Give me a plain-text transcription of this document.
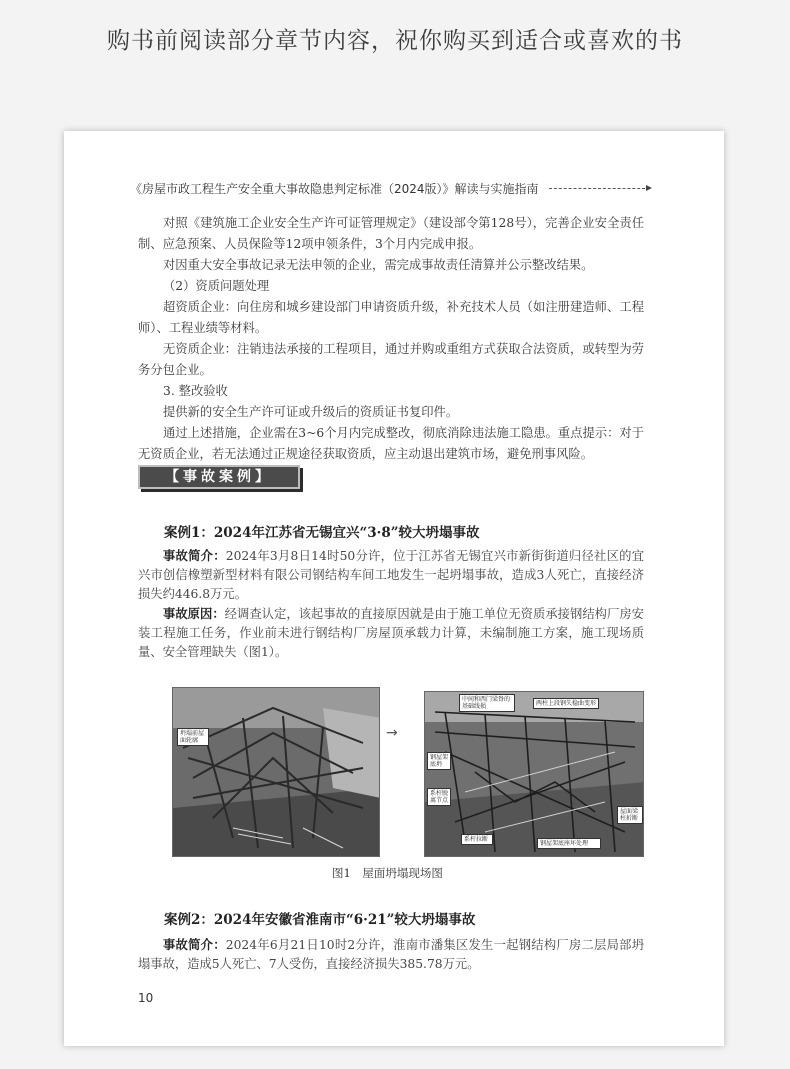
购书前阅读部分章节内容，祝你购买到适合或喜欢的书
《房屋市政工程生产安全重大事故隐患判定标准（2024版）》解读与实施指南

对照《建筑施工企业安全生产许可证管理规定》（建设部令第128号），完善企业安全责任制、应急预案、人员保险等12项申领条件，3个月内完成申报。

对因重大安全事故记录无法申领的企业，需完成事故责任清算并公示整改结果。

（2）资质问题处理

超资质企业：向住房和城乡建设部门申请资质升级，补充技术人员（如注册建造师、工程师）、工程业绩等材料。

无资质企业：注销违法承接的工程项目，通过并购或重组方式获取合法资质，或转型为劳务分包企业。

3. 整改验收

提供新的安全生产许可证或升级后的资质证书复印件。

通过上述措施，企业需在3~6个月内完成整改，彻底消除违法施工隐患。重点提示：对于无资质企业，若无法通过正规途径获取资质，应主动退出建筑市场，避免刑事风险。

【事故案例】
案例1：2024年江苏省无锡宜兴“3·8”较大坍塌事故

事故简介：2024年3月8日14时50分许，位于江苏省无锡宜兴市新街街道归径社区的宜兴市创信橡塑新型材料有限公司钢结构车间工地发生一起坍塌事故，造成3人死亡，直接经济损失约446.8万元。

事故原因：经调查认定，该起事故的直接原因就是由于施工单位无资质承接钢结构厂房安装工程施工任务，作业前未进行钢结构厂房屋顶承载力计算，未编制施工方案，施工现场质量、安全管理缺失（图1）。

坍塌前屋面轮廓	→
中间和西门梁脊的基础线损	两柱上段钢失稳曲变形
钢屋架底坍
系杆脱离节点
系杆拉断
屋面梁柱折断
钢屋架底座坏处理
图1　屋面坍塌现场图
案例2：2024年安徽省淮南市“6·21”较大坍塌事故

事故简介：2024年6月21日10时2分许，淮南市潘集区发生一起钢结构厂房二层局部坍塌事故，造成5人死亡、7人受伤，直接经济损失385.78万元。

10
